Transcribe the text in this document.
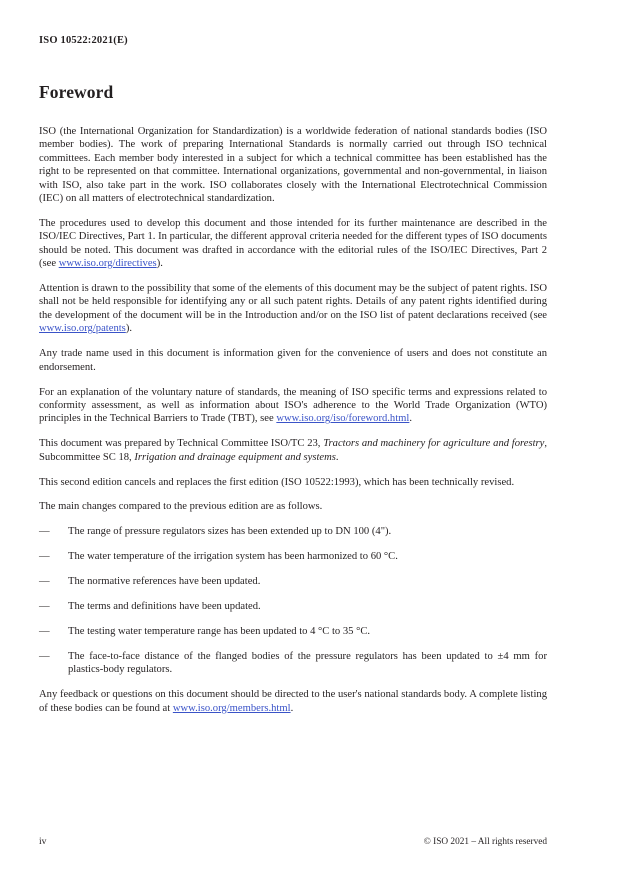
ISO 10522:2021(E)
Foreword

ISO (the International Organization for Standardization) is a worldwide federation of national standards bodies (ISO member bodies). The work of preparing International Standards is normally carried out through ISO technical committees. Each member body interested in a subject for which a technical committee has been established has the right to be represented on that committee. International organizations, governmental and non-governmental, in liaison with ISO, also take part in the work. ISO collaborates closely with the International Electrotechnical Commission (IEC) on all matters of electrotechnical standardization.

The procedures used to develop this document and those intended for its further maintenance are described in the ISO/IEC Directives, Part 1. In particular, the different approval criteria needed for the different types of ISO documents should be noted. This document was drafted in accordance with the editorial rules of the ISO/IEC Directives, Part 2 (see www.iso.org/directives).

Attention is drawn to the possibility that some of the elements of this document may be the subject of patent rights. ISO shall not be held responsible for identifying any or all such patent rights. Details of any patent rights identified during the development of the document will be in the Introduction and/or on the ISO list of patent declarations received (see www.iso.org/patents).

Any trade name used in this document is information given for the convenience of users and does not constitute an endorsement.

For an explanation of the voluntary nature of standards, the meaning of ISO specific terms and expressions related to conformity assessment, as well as information about ISO's adherence to the World Trade Organization (WTO) principles in the Technical Barriers to Trade (TBT), see www.iso.org/iso/foreword.html.

This document was prepared by Technical Committee ISO/TC 23, Tractors and machinery for agriculture and forestry, Subcommittee SC 18, Irrigation and drainage equipment and systems.

This second edition cancels and replaces the first edition (ISO 10522:1993), which has been technically revised.

The main changes compared to the previous edition are as follows.

—	The range of pressure regulators sizes has been extended up to DN 100 (4").
—	The water temperature of the irrigation system has been harmonized to 60 °C.
—	The normative references have been updated.
—	The terms and definitions have been updated.
—	The testing water temperature range has been updated to 4 °C to 35 °C.
—	The face-to-face distance of the flanged bodies of the pressure regulators has been updated to ±4 mm for plastics-body regulators.

Any feedback or questions on this document should be directed to the user's national standards body. A complete listing of these bodies can be found at www.iso.org/members.html.

iv	© ISO 2021 – All rights reserved
